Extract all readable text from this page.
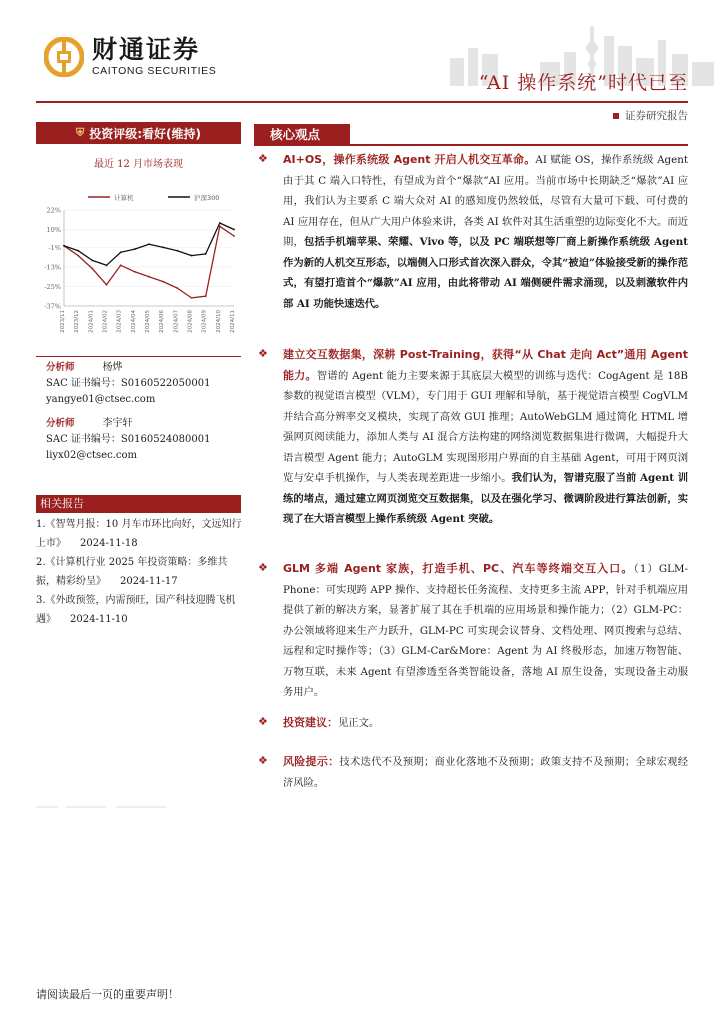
财通证券
CAITONG SECURITIES
“AI 操作系统”时代已至
证券研究报告
⛨ 投资评级:看好(维持)
最近 12 月市场表现
计算机	沪深300
22%
10%
-1%
-13%
-25%
-37%
2023/11 2023/12 2024/01 2024/02 2024/03 2024/04 2024/05 2024/06 2024/07 2024/08 2024/09 2024/10 2024/11
分析师	杨烨
SAC 证书编号：S0160522050001
yangye01@ctsec.com
分析师	李宇轩
SAC 证书编号：S0160524080001
liyx02@ctsec.com
相关报告
1.《智驾月报：10 月车市环比向好，文远知行上市》 2024-11-18
2.《计算机行业 2025 年投资策略：多维共振，精彩纷呈》 2024-11-17
3.《外政预签，内需预旺，国产科技迎腾飞机遇》 2024-11-10
核心观点
❖ AI+OS，操作系统级 Agent 开启人机交互革命。AI 赋能 OS，操作系统级 Agent 由于其 C 端入口特性，有望成为首个“爆款”AI 应用。当前市场中长期缺乏“爆款”AI 应用，我们认为主要系 C 端大众对 AI 的感知度仍然较低，尽管有大量可下载、可付费的 AI 应用存在，但从广大用户体验来讲，各类 AI 软件对其生活重塑的边际变化不大。而近期，包括手机端苹果、荣耀、Vivo 等，以及 PC 端联想等厂商上新操作系统级 Agent 作为新的人机交互形态，以端侧入口形式首次深入群众，令其“被迫”体验接受新的操作范式，有望打造首个“爆款”AI 应用，由此将带动 AI 端侧硬件需求涌现，以及刺激软件内部 AI 功能快速迭代。
❖ 建立交互数据集，深耕 Post-Training，获得“从 Chat 走向 Act”通用 Agent 能力。智谱的 Agent 能力主要来源于其底层大模型的训练与迭代：CogAgent 是 18B 参数的视觉语言模型（VLM），专门用于 GUI 理解和导航，基于视觉语言模型 CogVLM 并结合高分辨率交叉模块，实现了高效 GUI 推理；AutoWebGLM 通过简化 HTML 增强网页阅读能力，添加人类与 AI 混合方法构建的网络浏览数据集进行微调，大幅提升大语言模型 Agent 能力；AutoGLM 实现图形用户界面的自主基础 Agent，可用于网页浏览与安卓手机操作，与人类表现差距进一步缩小。我们认为，智谱克服了当前 Agent 训练的堵点，通过建立网页浏览交互数据集，以及在强化学习、微调阶段进行算法创新，实现了在大语言模型上操作系统级 Agent 突破。
❖ GLM 多端 Agent 家族，打造手机、PC、汽车等终端交互入口。（1）GLM-Phone：可实现跨 APP 操作、支持超长任务流程、支持更多主流 APP，针对手机端应用提供了新的解决方案，显著扩展了其在手机端的应用场景和操作能力；（2）GLM-PC：办公领域将迎来生产力跃升，GLM-PC 可实现会议替身、文档处理、网页搜索与总结、远程和定时操作等；（3）GLM-Car&More：Agent 为 AI 终极形态，加速万物智能、万物互联，未来 Agent 有望渗透至各类智能设备，落地 AI 原生设备，实现设备主动服务用户。
❖ 投资建议：见正文。
❖ 风险提示：技术迭代不及预期；商业化落地不及预期；政策支持不及预期；全球宏观经济风险。
请阅读最后一页的重要声明！
